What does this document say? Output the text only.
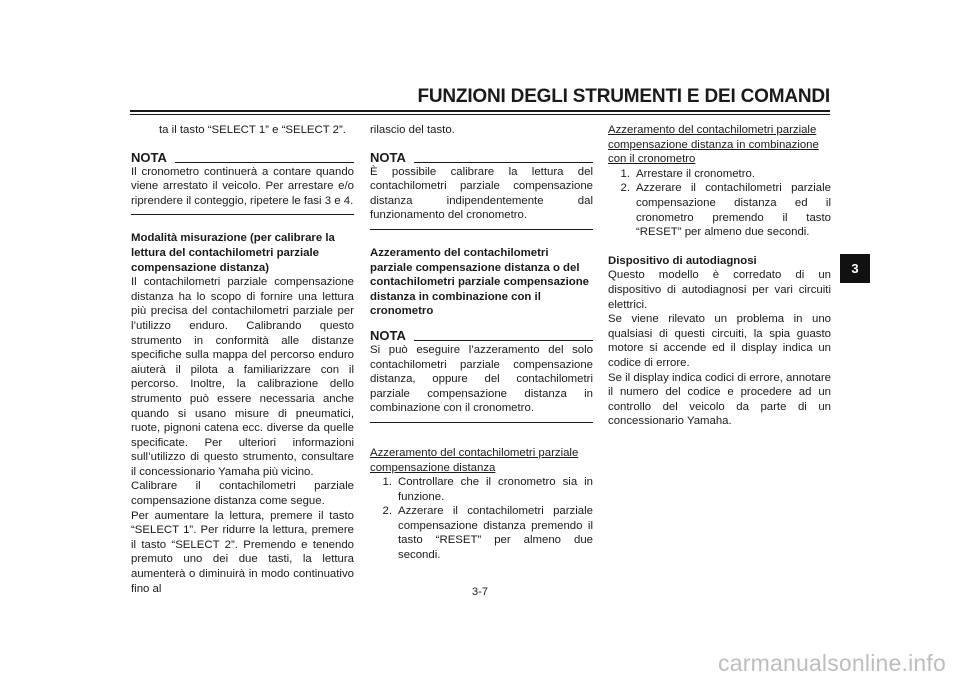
FUNZIONI DEGLI STRUMENTI E DEI COMANDI

ta il tasto “SELECT 1” e “SELECT 2”.

NOTA

Il cronometro continuerà a contare quando viene arrestato il veicolo. Per arrestare e/o riprendere il conteggio, ripetere le fasi 3 e 4.

Modalità misurazione (per calibrare la lettura del contachilometri parziale compensazione distanza)

Il contachilometri parziale compensazione distanza ha lo scopo di fornire una lettura più precisa del contachilometri parziale per l’utilizzo enduro. Calibrando questo strumento in conformità alle distanze specifiche sulla mappa del percorso enduro aiuterà il pilota a familiarizzare con il percorso. Inoltre, la calibrazione dello strumento può essere necessaria anche quando si usano misure di pneumatici, ruote, pignoni catena ecc. diverse da quelle specificate. Per ulteriori informazioni sull’utilizzo di questo strumento, consultare il concessionario Yamaha più vicino.

Calibrare il contachilometri parziale compensazione distanza come segue.

Per aumentare la lettura, premere il tasto “SELECT 1”. Per ridurre la lettura, premere il tasto “SELECT 2”. Premendo e tenendo premuto uno dei due tasti, la lettura aumenterà o diminuirà in modo continuativo fino al

rilascio del tasto.

NOTA

È possibile calibrare la lettura del contachilometri parziale compensazione distanza indipendentemente dal funzionamento del cronometro.

Azzeramento del contachilometri parziale compensazione distanza o del contachilometri parziale compensazione distanza in combinazione con il cronometro

NOTA

Si può eseguire l’azzeramento del solo contachilometri parziale compensazione distanza, oppure del contachilometri parziale compensazione distanza in combinazione con il cronometro.

Azzeramento del contachilometri parziale compensazione distanza

1. Controllare che il cronometro sia in funzione.
2. Azzerare il contachilometri parziale compensazione distanza premendo il tasto “RESET” per almeno due secondi.

Azzeramento del contachilometri parziale compensazione distanza in combinazione con il cronometro

1. Arrestare il cronometro.
2. Azzerare il contachilometri parziale compensazione distanza ed il cronometro premendo il tasto “RESET” per almeno due secondi.

Dispositivo di autodiagnosi

Questo modello è corredato di un dispositivo di autodiagnosi per vari circuiti elettrici.

Se viene rilevato un problema in uno qualsiasi di questi circuiti, la spia guasto motore si accende ed il display indica un codice di errore.

Se il display indica codici di errore, annotare il numero del codice e procedere ad un controllo del veicolo da parte di un concessionario Yamaha.

3
3-7
carmanualsonline.info
